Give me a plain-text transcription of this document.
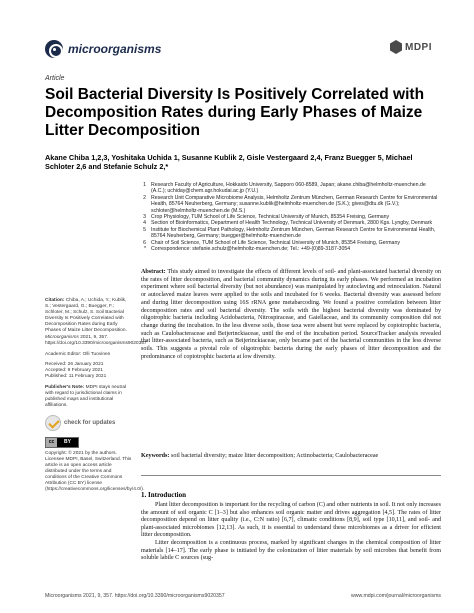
microorganisms	MDPI
Article
Soil Bacterial Diversity Is Positively Correlated with Decomposition Rates during Early Phases of Maize Litter Decomposition
Akane Chiba 1,2,3, Yoshitaka Uchida 1, Susanne Kublik 2, Gisle Vestergaard 2,4, Franz Buegger 5, Michael Schloter 2,6 and Stefanie Schulz 2,*
1 Research Faculty of Agriculture, Hokkaido University, Sapporo 060-8589, Japan; akane.chiba@helmholtz-muenchen.de (A.C.); uchiday@chem.agr.hokudai.ac.jp (Y.U.)
2 Research Unit Comparative Microbiome Analysis, Helmholtz Zentrum München, German Research Centre for Environmental Health, 85764 Neuherberg, Germany; susanne.kublik@helmholtz-muenchen.de (S.K.); gives@dtu.dk (G.V.); schloter@helmholtz-muenchen.de (M.S.)
3 Crop Physiology, TUM School of Life Science, Technical University of Munich, 85354 Freising, Germany
4 Section of Bioinformatics, Department of Health Technology, Technical University of Denmark, 2800 Kgs. Lyngby, Denmark
5 Institute for Biochemical Plant Pathology, Helmholtz Zentrum München, German Research Centre for Environmental Health, 85764 Neuherberg, Germany; buegger@helmholtz-muenchen.de
6 Chair of Soil Science, TUM School of Life Science, Technical University of Munich, 85354 Freising, Germany
* Correspondence: stefanie.schulz@helmholtz-muenchen.de; Tel.: +49-(0)89-3187-3054
Citation: Chiba, A.; Uchida, Y.; Kublik, S.; Vestergaard, G.; Buegger, F.; Schloter, M.; Schulz, S. Soil Bacterial Diversity Is Positively Correlated with Decomposition Rates during Early Phases of Maize Litter Decomposition. Microorganisms 2021, 9, 357. https://doi.org/10.3390/microorganisms9020357
Academic Editor: Olli Tuovinen
Received: 26 January 2021
Accepted: 9 February 2021
Published: 11 February 2021
Publisher's Note: MDPI stays neutral with regard to jurisdictional claims in published maps and institutional affiliations.
check for updates
cc	BY
Copyright: © 2021 by the authors. Licensee MDPI, Basel, Switzerland. This article is an open access article distributed under the terms and conditions of the Creative Commons Attribution (CC BY) license (https://creativecommons.org/licenses/by/4.0/).
Abstract: This study aimed to investigate the effects of different levels of soil- and plant-associated bacterial diversity on the rates of litter decomposition, and bacterial community dynamics during its early phases. We performed an incubation experiment where soil bacterial diversity (but not abundance) was manipulated by autoclaving and reinoculation. Natural or autoclaved maize leaves were applied to the soils and incubated for 6 weeks. Bacterial diversity was assessed before and during litter decomposition using 16S rRNA gene metabarcoding. We found a positive correlation between litter decomposition rates and soil bacterial diversity. The soils with the highest bacterial diversity was dominated by oligotrophic bacteria including Acidobacteria, Nitrospiraceae, and Gaiellaceae, and its community composition did not change during the incubation. In the less diverse soils, those taxa were absent but were replaced by copiotrophic bacteria, such as Caulobacteraceae and Beijerinckiaceae, until the end of the incubation period. SourceTracker analysis revealed that litter-associated bacteria, such as Beijerinckiaceae, only became part of the bacterial communities in the less diverse soils. This suggests a pivotal role of oligotrophic bacteria during the early phases of litter decomposition and the predominance of copiotrophic bacteria at low diversity.
Keywords: soil bacterial diversity; maize litter decomposition; Actinobacteria; Caulobacteraceae
1. Introduction

Plant litter decomposition is important for the recycling of carbon (C) and other nutrients in soil. It not only increases the amount of soil organic C [1–3] but also enhances soil organic matter and drives aggregation [4,5]. The rates of litter decomposition depend on litter quality (i.e., C:N ratio) [6,7], climatic conditions [8,9], soil type [10,11], and soil- and plant-associated microbiomes [12,13]. As such, it is essential to understand these microbiomes as a driver for efficient litter decomposition.

Litter decomposition is a continuous process, marked by significant changes in the chemical composition of litter materials [14–17]. The early phase is initiated by the colonization of litter materials by soil microbes that benefit from soluble labile C sources (sug-

Microorganisms 2021, 9, 357. https://doi.org/10.3390/microorganisms9020357	www.mdpi.com/journal/microorganisms
